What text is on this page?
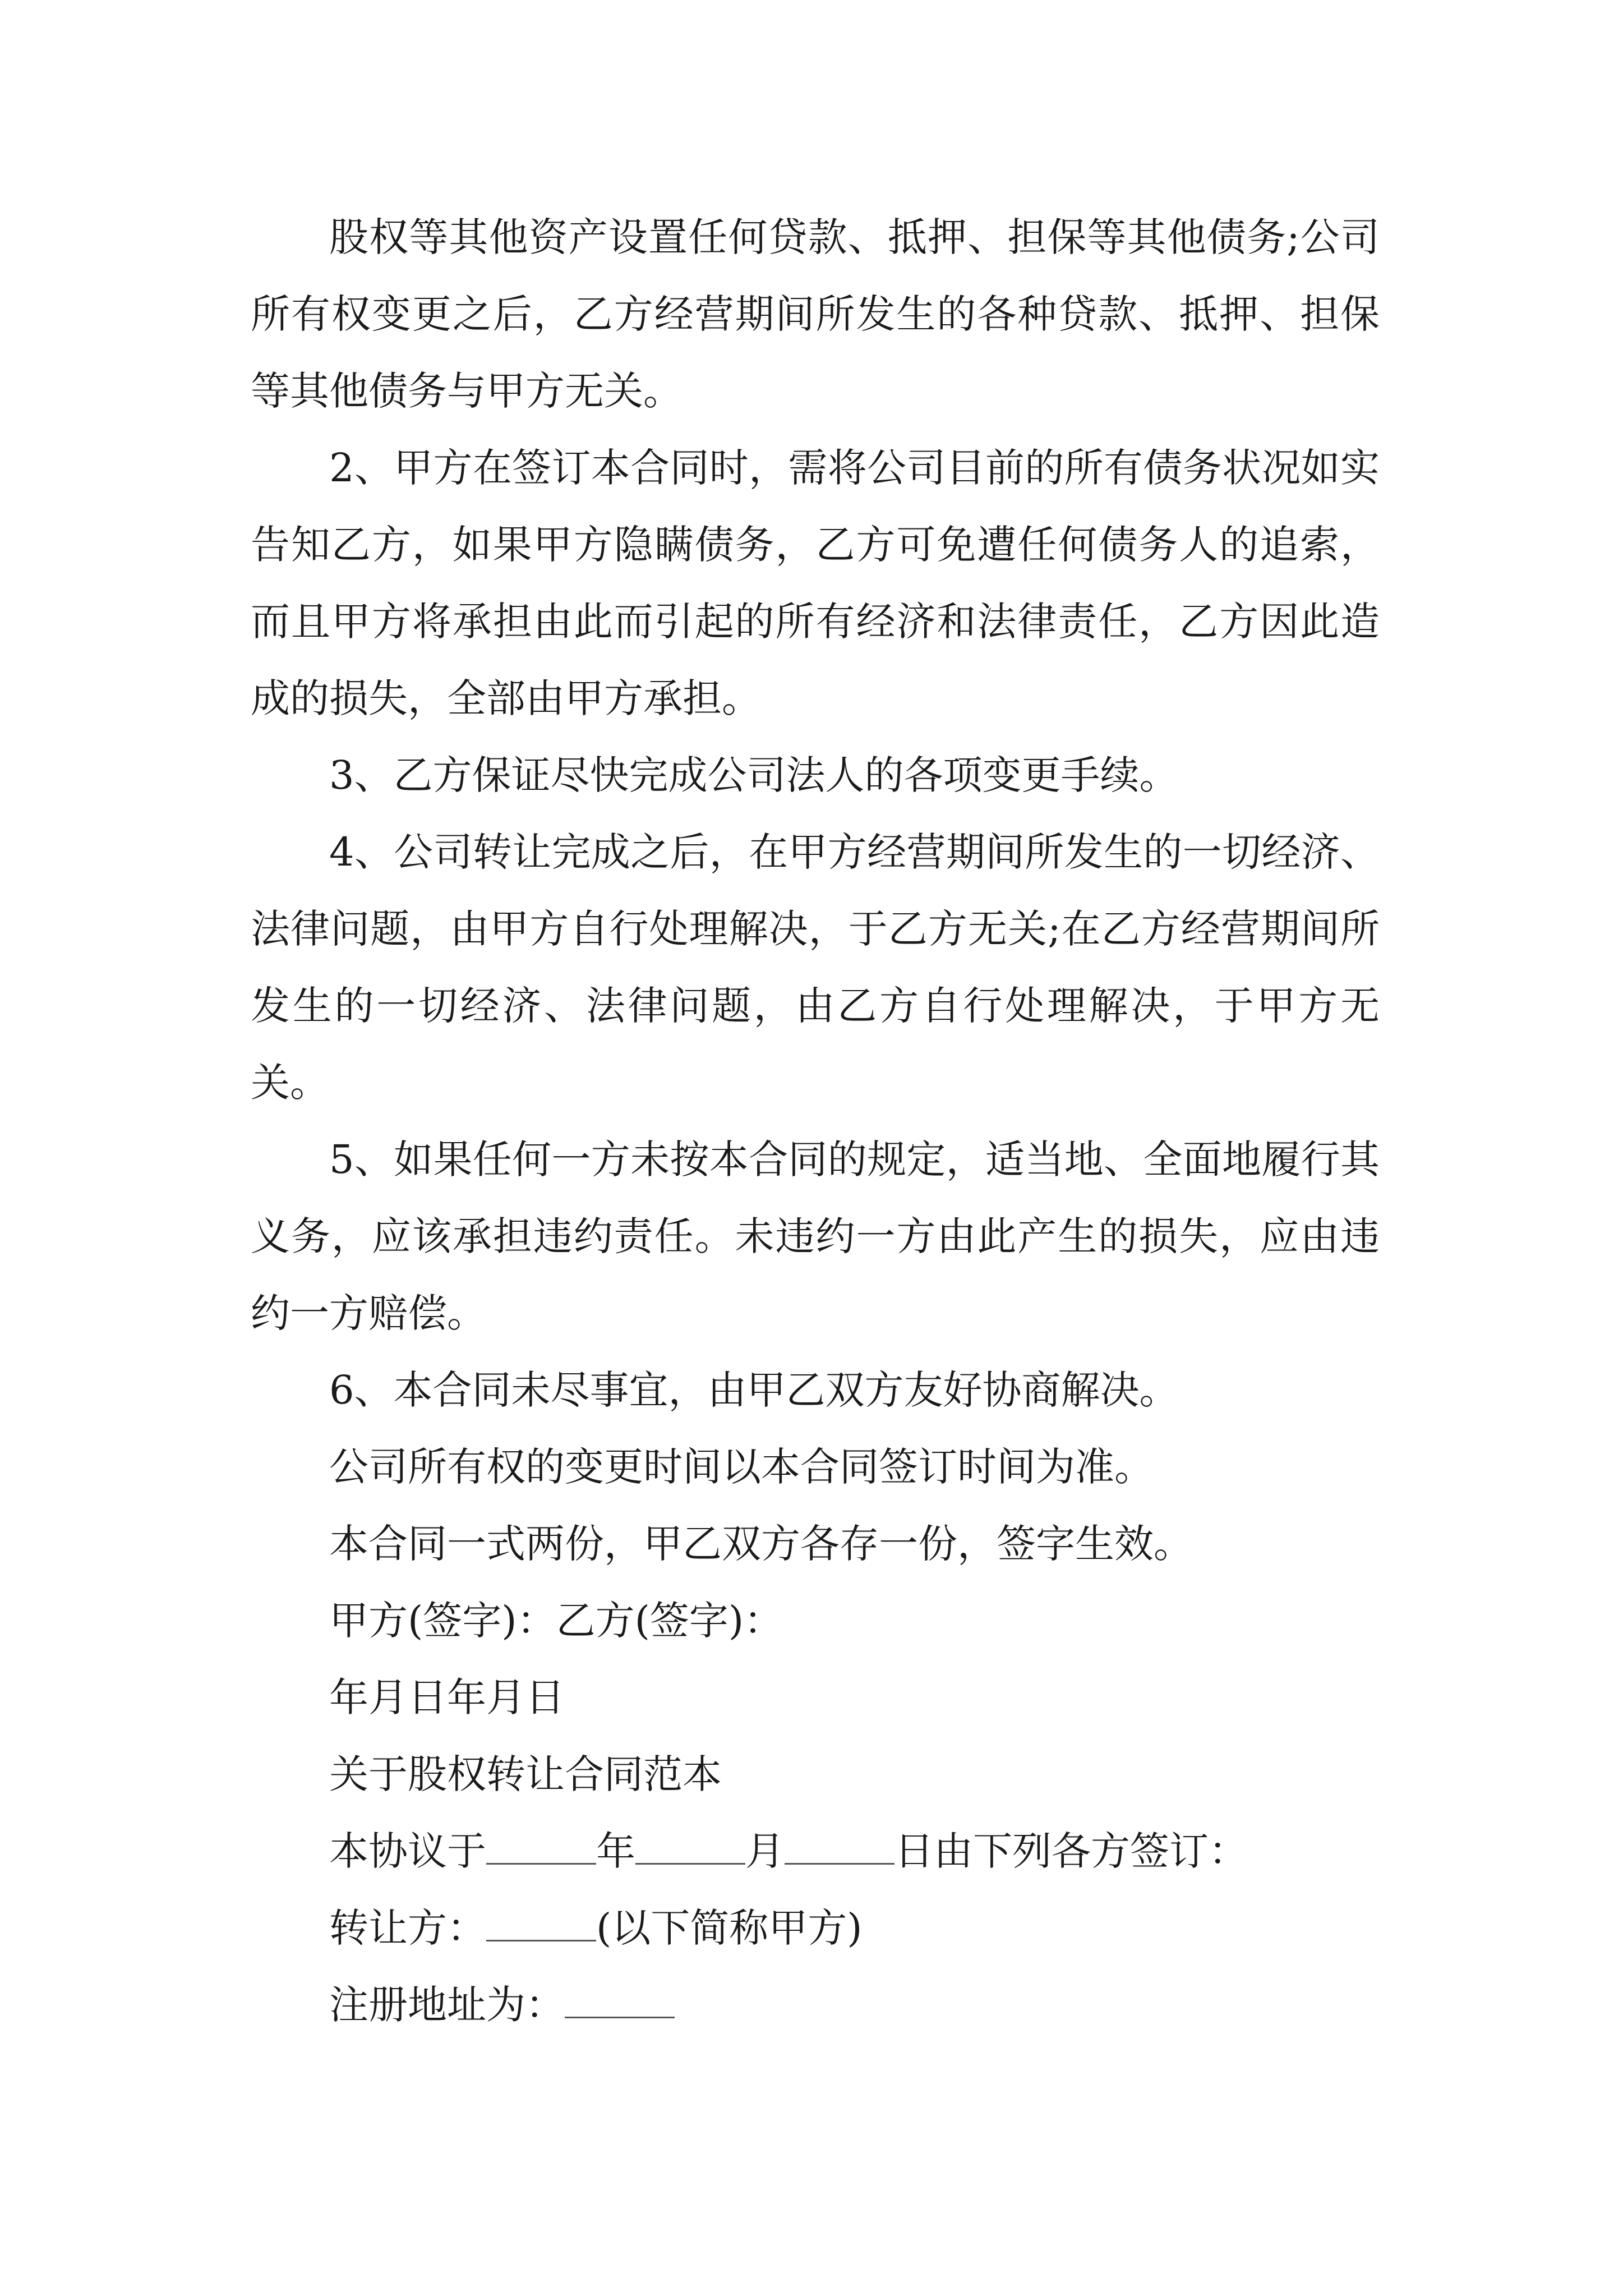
股权等其他资产设置任何贷款、抵押、担保等其他债务;公司所有权变更之后，乙方经营期间所发生的各种贷款、抵押、担保等其他债务与甲方无关。

2、甲方在签订本合同时，需将公司目前的所有债务状况如实告知乙方，如果甲方隐瞒债务，乙方可免遭任何债务人的追索，而且甲方将承担由此而引起的所有经济和法律责任，乙方因此造成的损失，全部由甲方承担。

3、乙方保证尽快完成公司法人的各项变更手续。

4、公司转让完成之后，在甲方经营期间所发生的一切经济、法律问题，由甲方自行处理解决，于乙方无关;在乙方经营期间所发生的一切经济、法律问题，由乙方自行处理解决，于甲方无关。

5、如果任何一方未按本合同的规定，适当地、全面地履行其义务，应该承担违约责任。未违约一方由此产生的损失，应由违约一方赔偿。

6、本合同未尽事宜，由甲乙双方友好协商解决。

公司所有权的变更时间以本合同签订时间为准。

本合同一式两份，甲乙双方各存一份，签字生效。

甲方(签字)：乙方(签字)：

年月日年月日

关于股权转让合同范本

本协议于	年	月	日由下列各方签订：

转让方：	(以下简称甲方)

注册地址为：
